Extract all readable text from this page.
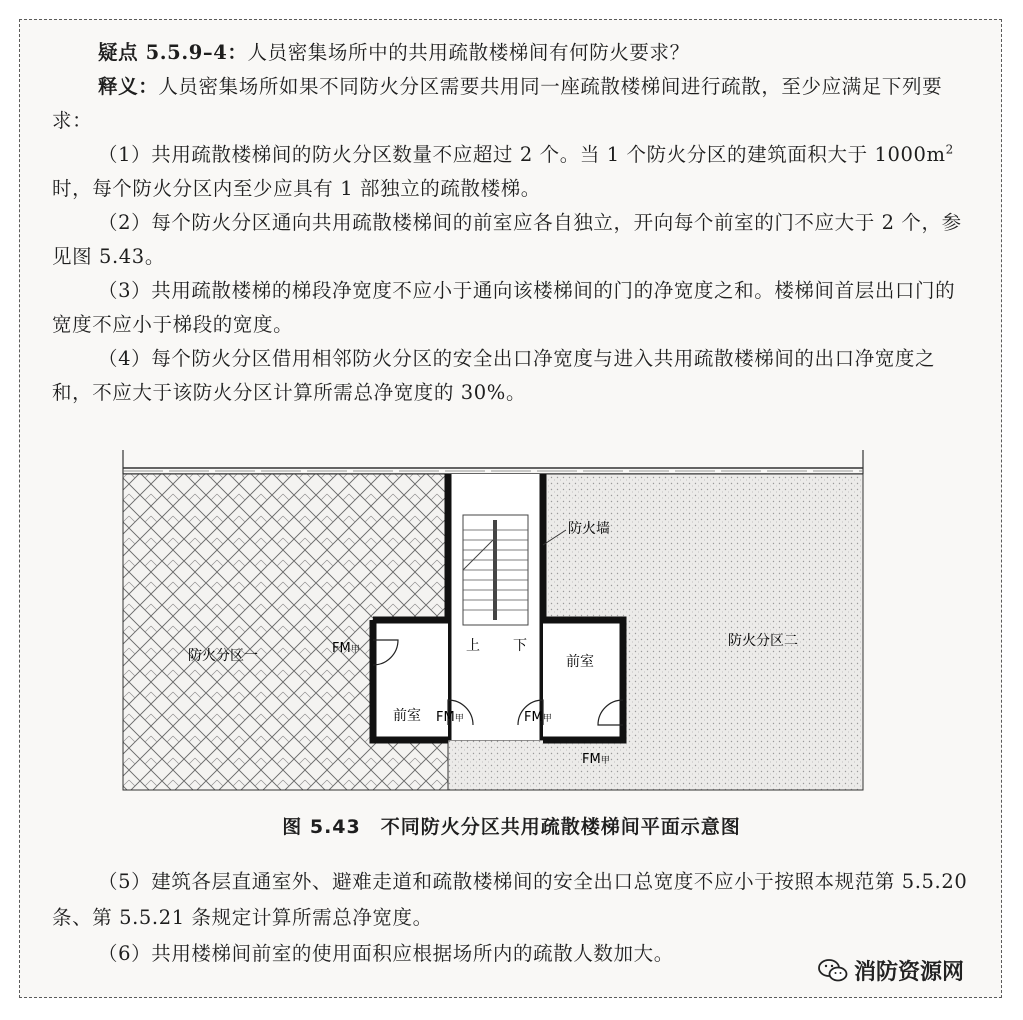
疑点 5.5.9–4：人员密集场所中的共用疏散楼梯间有何防火要求？

释义：人员密集场所如果不同防火分区需要共用同一座疏散楼梯间进行疏散，至少应满足下列要求：

（1）共用疏散楼梯间的防火分区数量不应超过 2 个。当 1 个防火分区的建筑面积大于 $1000m^2$ 时，每个防火分区内至少应具有 1 部独立的疏散楼梯。

（2）每个防火分区通向共用疏散楼梯间的前室应各自独立，开向每个前室的门不应大于 2 个，参见图 5.43。

（3）共用疏散楼梯的梯段净宽度不应小于通向该楼梯间的门的净宽度之和。楼梯间首层出口门的宽度不应小于梯段的宽度。

（4）每个防火分区借用相邻防火分区的安全出口净宽度与进入共用疏散楼梯间的出口净宽度之和，不应大于该防火分区计算所需总净宽度的 30%。

防火分区一
防火分区二
防火墙
上 下
前室
前室
FM甲
FM甲	FM甲
FM甲
图 5.43　不同防火分区共用疏散楼梯间平面示意图

（5）建筑各层直通室外、避难走道和疏散楼梯间的安全出口总宽度不应小于按照本规范第 5.5.20 条、第 5.5.21 条规定计算所需总净宽度。

（6）共用楼梯间前室的使用面积应根据场所内的疏散人数加大。

消防资源网
